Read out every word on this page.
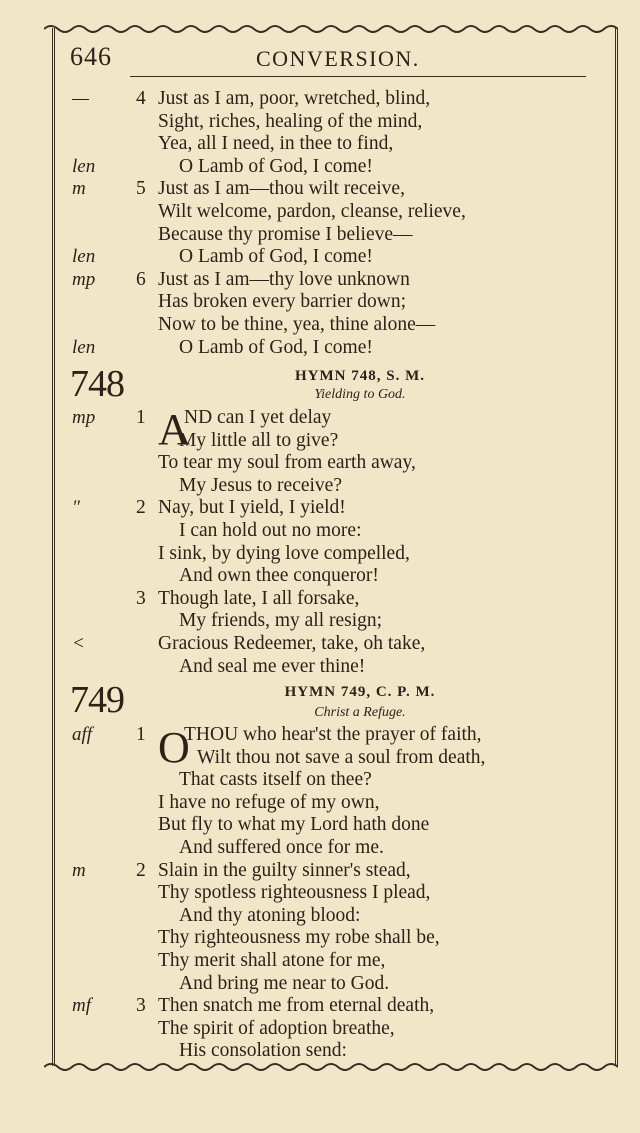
646	CONVERSION.
— 4 Just as I am, poor, wretched, blind,
Sight, riches, healing of the mind,
Yea, all I need, in thee to find,
len	O Lamb of God, I come!
m	5 Just as I am—thou wilt receive,
Wilt welcome, pardon, cleanse, relieve,
Because thy promise I believe—
len	O Lamb of God, I come!
mp 6 Just as I am—thy love unknown
Has broken every barrier down;
Now to be thine, yea, thine alone—
len	O Lamb of God, I come!
748	HYMN 748, S. M.
Yielding to God.
A
mp 1 ND can I yet delay
My little all to give?
To tear my soul from earth away,
My Jesus to receive?
″	2 Nay, but I yield, I yield!
I can hold out no more:
I sink, by dying love compelled,
And own thee conqueror!
3 Though late, I all forsake,
My friends, my all resign;
<	Gracious Redeemer, take, oh take,
And seal me ever thine!
749	HYMN 749, C. P. M.
Christ a Refuge.
O
aff 1 THOU who hear'st the prayer of faith,
Wilt thou not save a soul from death,
That casts itself on thee?
I have no refuge of my own,
But fly to what my Lord hath done
And suffered once for me.
m	2 Slain in the guilty sinner's stead,
Thy spotless righteousness I plead,
And thy atoning blood:
Thy righteousness my robe shall be,
Thy merit shall atone for me,
And bring me near to God.
mf 3 Then snatch me from eternal death,
The spirit of adoption breathe,
His consolation send:
